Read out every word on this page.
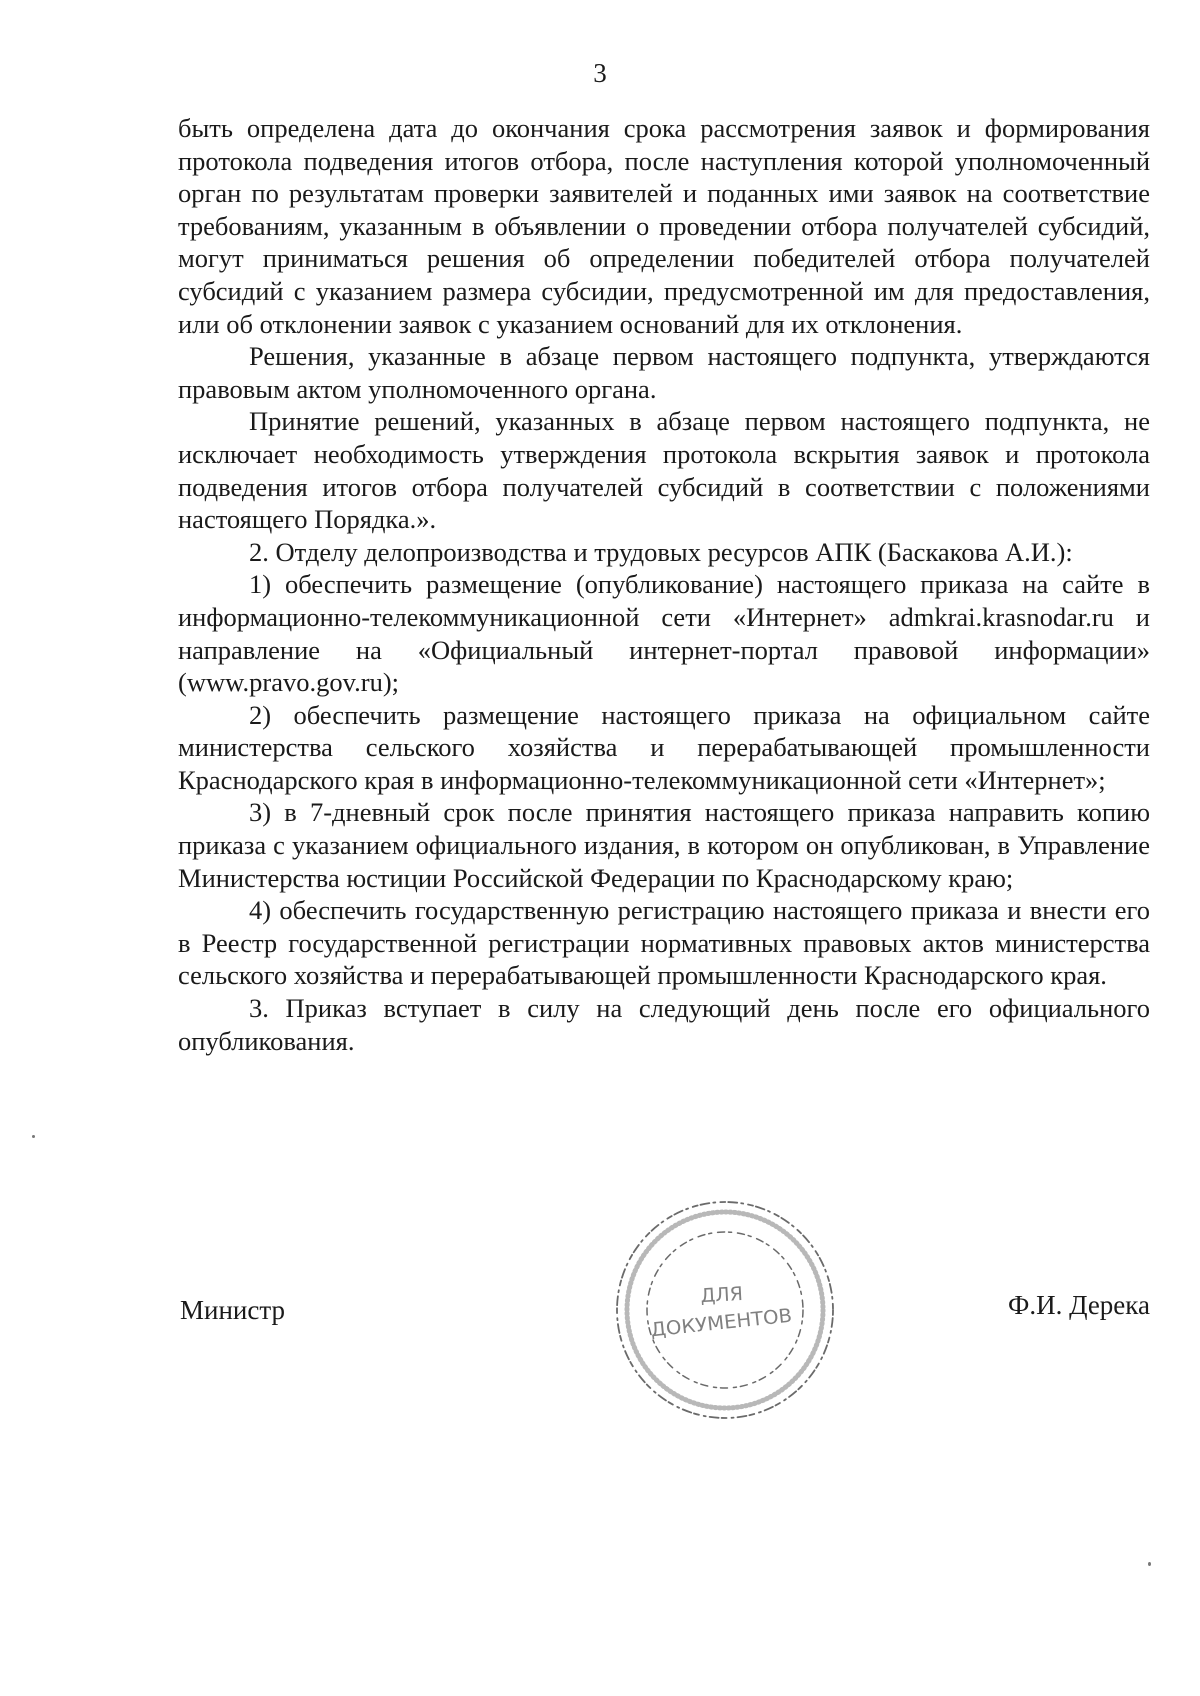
3

быть определена дата до окончания срока рассмотрения заявок и формирования протокола подведения итогов отбора, после наступления которой уполномоченный орган по результатам проверки заявителей и поданных ими заявок на соответствие требованиям, указанным в объявлении о проведении отбора получателей субсидий, могут приниматься решения об определении победителей отбора получателей субсидий с указанием размера субсидии, предусмотренной им для предоставления, или об отклонении заявок с указанием оснований для их отклонения.

Решения, указанные в абзаце первом настоящего подпункта, утверждаются правовым актом уполномоченного органа.

Принятие решений, указанных в абзаце первом настоящего подпункта, не исключает необходимость утверждения протокола вскрытия заявок и протокола подведения итогов отбора получателей субсидий в соответствии с положениями настоящего Порядка.».

2. Отделу делопроизводства и трудовых ресурсов АПК (Баскакова А.И.):

1) обеспечить размещение (опубликование) настоящего приказа на сайте в информационно-телекоммуникационной сети «Интернет» admkrai.krasnodar.ru и направление на «Официальный интернет-портал правовой информации» (www.pravo.gov.ru);

2) обеспечить размещение настоящего приказа на официальном сайте министерства сельского хозяйства и перерабатывающей промышленности Краснодарского края в информационно-телекоммуникационной сети «Интернет»;

3) в 7-дневный срок после принятия настоящего приказа направить копию приказа с указанием официального издания, в котором он опубликован, в Управление Министерства юстиции Российской Федерации по Краснодарскому краю;

4) обеспечить государственную регистрацию настоящего приказа и внести его в Реестр государственной регистрации нормативных правовых актов министерства сельского хозяйства и перерабатывающей промышленности Краснодарского края.

3. Приказ вступает в силу на следующий день после его официального опубликования.

Министр	ДЛЯ
ДОКУМЕНТОВ
Ф.И. Дерека
